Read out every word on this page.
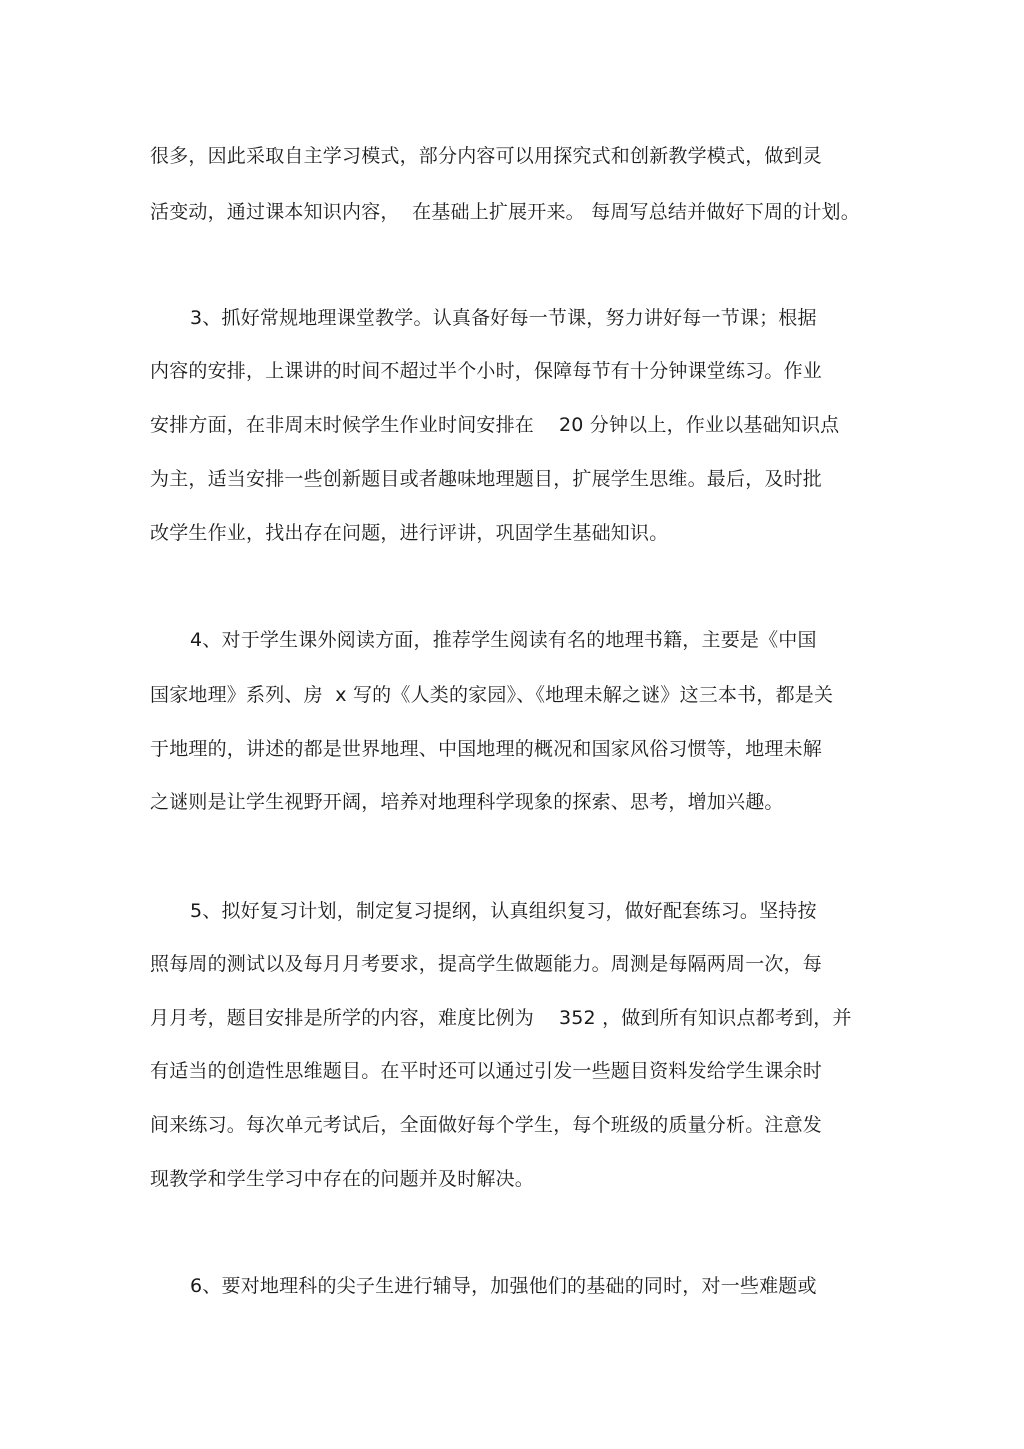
很多，因此采取自主学习模式，部分内容可以用探究式和创新教学模式，做到灵
活变动，通过课本知识内容，  在基础上扩展开来。 每周写总结并做好下周的计划。
3、抓好常规地理课堂教学。认真备好每一节课，努力讲好每一节课；根据
内容的安排，上课讲的时间不超过半个小时，保障每节有十分钟课堂练习。作业
安排方面，在非周末时候学生作业时间安排在    20 分钟以上，作业以基础知识点
为主，适当安排一些创新题目或者趣味地理题目，扩展学生思维。最后，及时批
改学生作业，找出存在问题，进行评讲，巩固学生基础知识。
4、对于学生课外阅读方面，推荐学生阅读有名的地理书籍，主要是《中国
国家地理》系列、房  x 写的《人类的家园》、《地理未解之谜》这三本书，都是关
于地理的，讲述的都是世界地理、中国地理的概况和国家风俗习惯等，地理未解
之谜则是让学生视野开阔，培养对地理科学现象的探索、思考，增加兴趣。
5、拟好复习计划，制定复习提纲，认真组织复习，做好配套练习。坚持按
照每周的测试以及每月月考要求，提高学生做题能力。周测是每隔两周一次，每
月月考，题目安排是所学的内容，难度比例为    352 ，做到所有知识点都考到，并
有适当的创造性思维题目。在平时还可以通过引发一些题目资料发给学生课余时
间来练习。每次单元考试后，全面做好每个学生，每个班级的质量分析。注意发
现教学和学生学习中存在的问题并及时解决。
6、要对地理科的尖子生进行辅导，加强他们的基础的同时，对一些难题或
